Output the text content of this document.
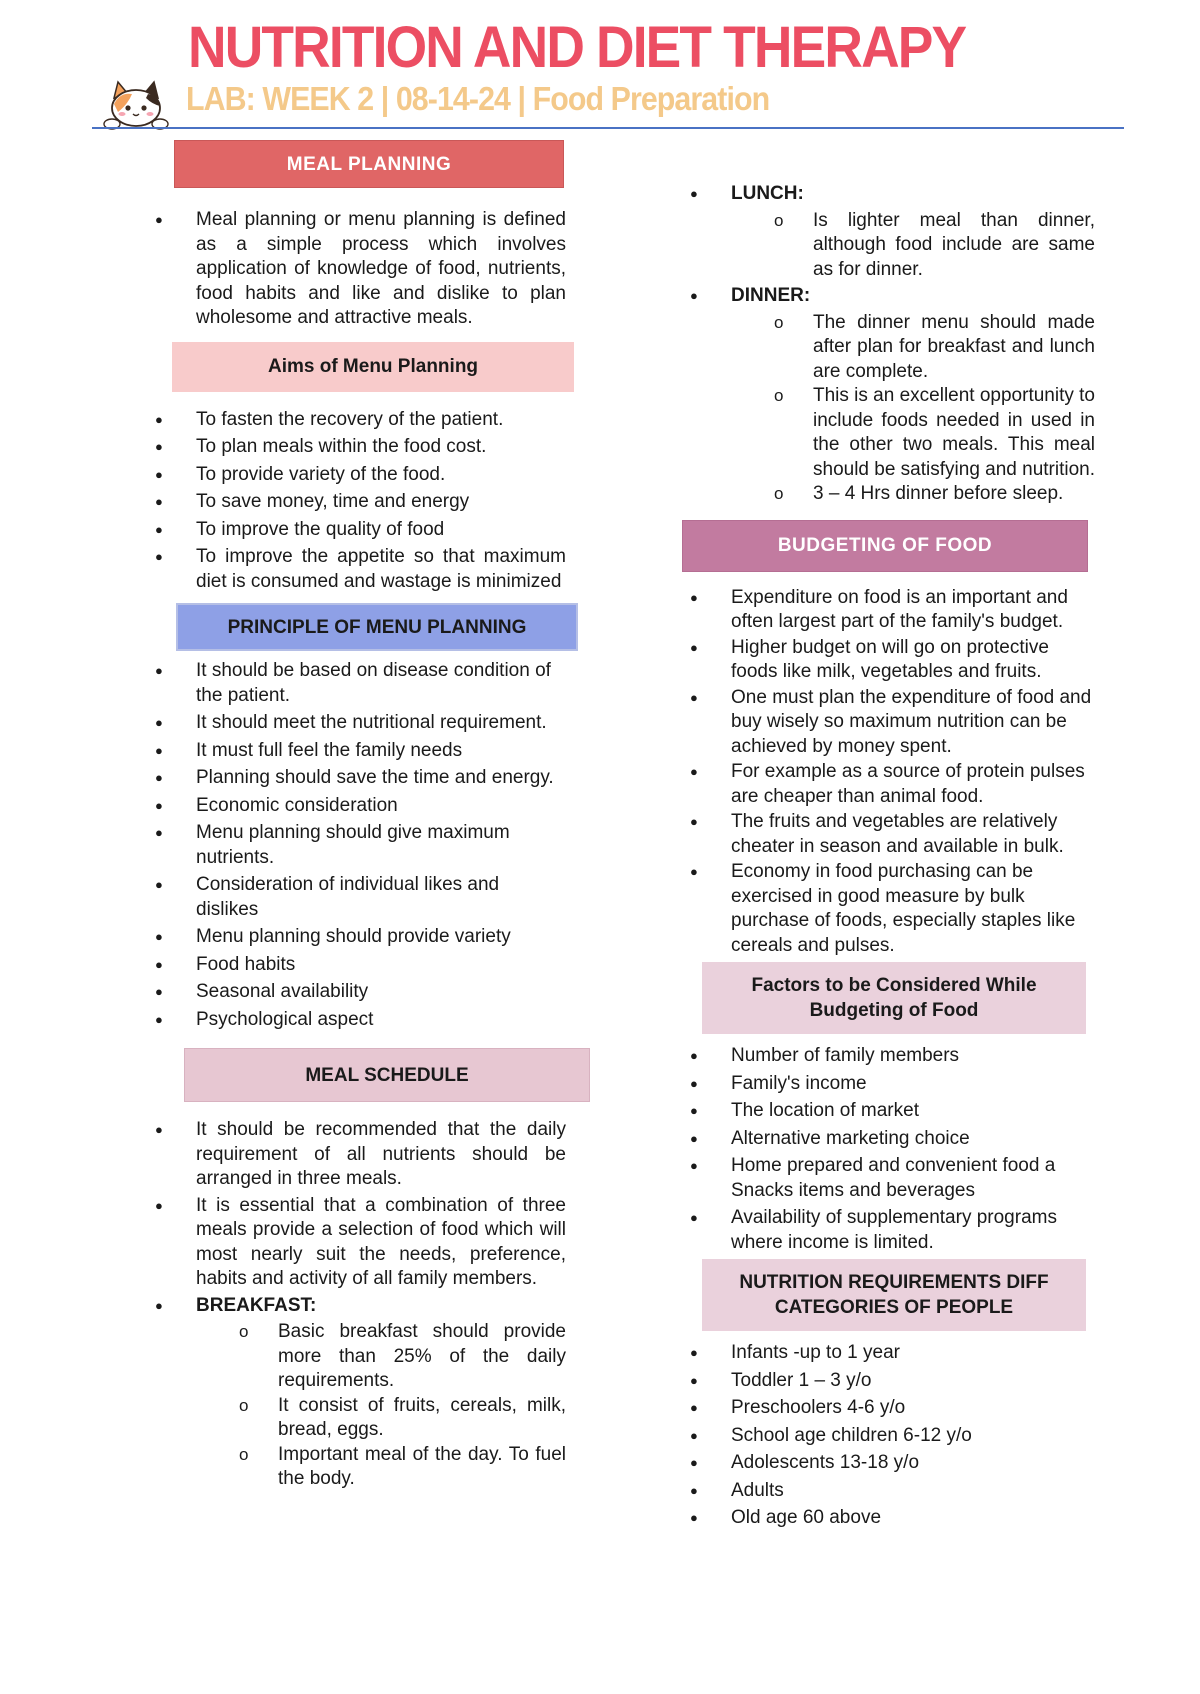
NUTRITION AND DIET THERAPY
LAB: WEEK 2 | 08-14-24 | Food Preparation
MEAL PLANNING
● Meal planning or menu planning is defined as a simple process which involves application of knowledge of food, nutrients, food habits and like and dislike to plan wholesome and attractive meals.
Aims of Menu Planning
● To fasten the recovery of the patient.
● To plan meals within the food cost.
● To provide variety of the food.
● To save money, time and energy
● To improve the quality of food
● To improve the appetite so that maximum diet is consumed and wastage is minimized
PRINCIPLE OF MENU PLANNING
● It should be based on disease condition of the patient.
● It should meet the nutritional requirement.
● It must full feel the family needs
● Planning should save the time and energy.
● Economic consideration
● Menu planning should give maximum nutrients.
● Consideration of individual likes and dislikes
● Menu planning should provide variety
● Food habits
● Seasonal availability
● Psychological aspect
MEAL SCHEDULE
● It should be recommended that the daily requirement of all nutrients should be arranged in three meals.
● It is essential that a combination of three meals provide a selection of food which will most nearly suit the needs, preference, habits and activity of all family members.
● BREAKFAST:
o Basic breakfast should provide more than 25% of the daily requirements.
o It consist of fruits, cereals, milk, bread, eggs.
o Important meal of the day. To fuel the body.
● LUNCH:
o Is lighter meal than dinner, although food include are same as for dinner.
● DINNER:
o The dinner menu should made after plan for breakfast and lunch are complete.
o This is an excellent opportunity to include foods needed in used in the other two meals. This meal should be satisfying and nutrition.
o 3 – 4 Hrs dinner before sleep.
BUDGETING OF FOOD
● Expenditure on food is an important and often largest part of the family's budget.
● Higher budget on will go on protective foods like milk, vegetables and fruits.
● One must plan the expenditure of food and buy wisely so maximum nutrition can be achieved by money spent.
● For example as a source of protein pulses are cheaper than animal food.
● The fruits and vegetables are relatively cheater in season and available in bulk.
● Economy in food purchasing can be exercised in good measure by bulk purchase of foods, especially staples like cereals and pulses.
Factors to be Considered While
Budgeting of Food
● Number of family members
● Family's income
● The location of market
● Alternative marketing choice
● Home prepared and convenient food a Snacks items and beverages
● Availability of supplementary programs where income is limited.
NUTRITION REQUIREMENTS DIFF
CATEGORIES OF PEOPLE
● Infants -up to 1 year
● Toddler 1 – 3 y/o
● Preschoolers 4-6 y/o
● School age children 6-12 y/o
● Adolescents 13-18 y/o
● Adults
● Old age 60 above
